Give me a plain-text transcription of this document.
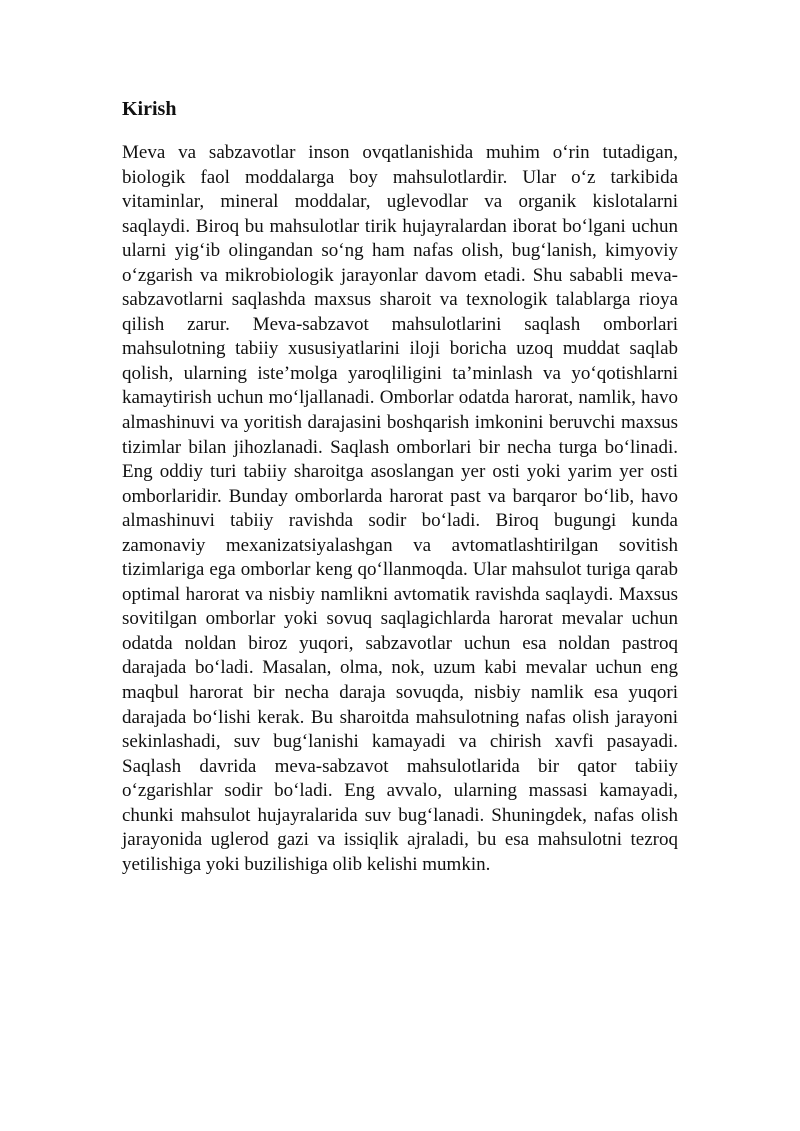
Kirish

Meva va sabzavotlar inson ovqatlanishida muhim o‘rin tutadigan, biologik faol moddalarga boy mahsulotlardir. Ular o‘z tarkibida vitaminlar, mineral moddalar, uglevodlar va organik kislotalarni saqlaydi. Biroq bu mahsulotlar tirik hujayralardan iborat bo‘lgani uchun ularni yig‘ib olingandan so‘ng ham nafas olish, bug‘lanish, kimyoviy o‘zgarish va mikrobiologik jarayonlar davom etadi. Shu sababli meva-sabzavotlarni saqlashda maxsus sharoit va texnologik talablarga rioya qilish zarur. Meva-sabzavot mahsulotlarini saqlash omborlari mahsulotning tabiiy xususiyatlarini iloji boricha uzoq muddat saqlab qolish, ularning iste’molga yaroqliligini ta’minlash va yo‘qotishlarni kamaytirish uchun mo‘ljallanadi. Omborlar odatda harorat, namlik, havo almashinuvi va yoritish darajasini boshqarish imkonini beruvchi maxsus tizimlar bilan jihozlanadi. Saqlash omborlari bir necha turga bo‘linadi. Eng oddiy turi tabiiy sharoitga asoslangan yer osti yoki yarim yer osti omborlaridir. Bunday omborlarda harorat past va barqaror bo‘lib, havo almashinuvi tabiiy ravishda sodir bo‘ladi. Biroq bugungi kunda zamonaviy mexanizatsiyalashgan va avtomatlashtirilgan sovitish tizimlariga ega omborlar keng qo‘llanmoqda. Ular mahsulot turiga qarab optimal harorat va nisbiy namlikni avtomatik ravishda saqlaydi. Maxsus sovitilgan omborlar yoki sovuq saqlagichlarda harorat mevalar uchun odatda noldan biroz yuqori, sabzavotlar uchun esa noldan pastroq darajada bo‘ladi. Masalan, olma, nok, uzum kabi mevalar uchun eng maqbul harorat bir necha daraja sovuqda, nisbiy namlik esa yuqori darajada bo‘lishi kerak. Bu sharoitda mahsulotning nafas olish jarayoni sekinlashadi, suv bug‘lanishi kamayadi va chirish xavfi pasayadi. Saqlash davrida meva-sabzavot mahsulotlarida bir qator tabiiy o‘zgarishlar sodir bo‘ladi. Eng avvalo, ularning massasi kamayadi, chunki mahsulot hujayralarida suv bug‘lanadi. Shuningdek, nafas olish jarayonida uglerod gazi va issiqlik ajraladi, bu esa mahsulotni tezroq yetilishiga yoki buzilishiga olib kelishi mumkin.
